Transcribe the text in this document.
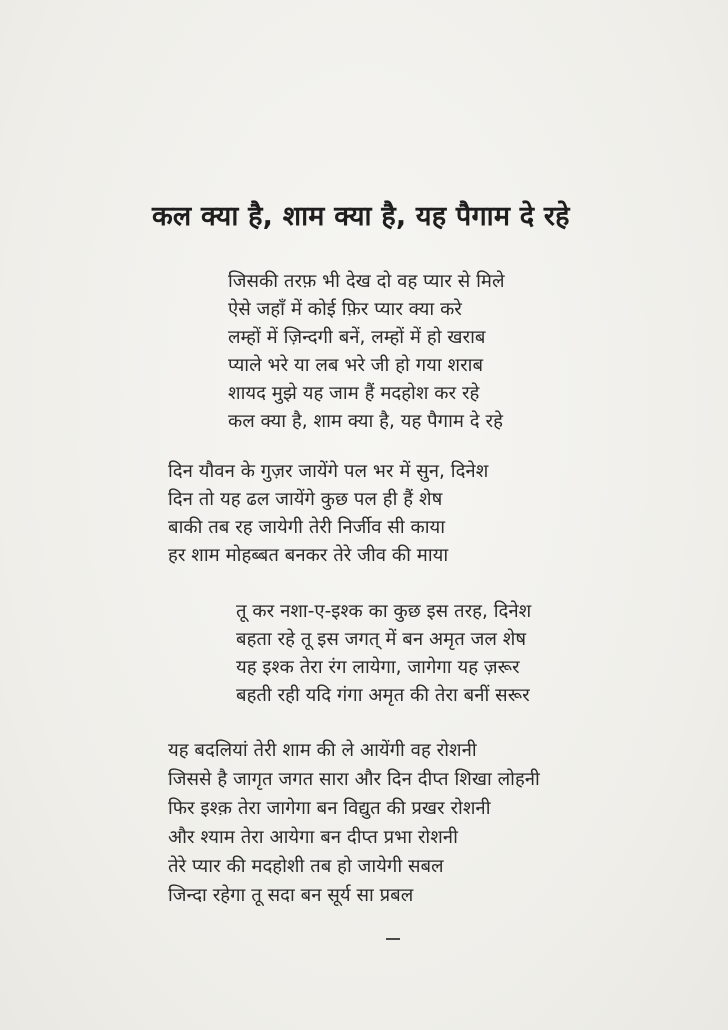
कल क्या है, शाम क्या है, यह पैगाम दे रहे
जिसकी तरफ़ भी देख दो वह प्यार से मिले
ऐसे जहाँ में कोई फ़िर प्यार क्या करे
लम्हों में ज़िन्दगी बनें, लम्हों में हो खराब
प्याले भरे या लब भरे जी हो गया शराब
शायद मुझे यह जाम हैं मदहोश कर रहे
कल क्या है, शाम क्या है, यह पैगाम दे रहे
दिन यौवन के गुज़र जायेंगे पल भर में सुन, दिनेश
दिन तो यह ढल जायेंगे कुछ पल ही हैं शेष
बाकी तब रह जायेगी तेरी निर्जीव सी काया
हर शाम मोहब्बत बनकर तेरे जीव की माया
तू कर नशा-ए-इश्क का कुछ इस तरह, दिनेश
बहता रहे तू इस जगत् में बन अमृत जल शेष
यह इश्क तेरा रंग लायेगा, जागेगा यह ज़रूर
बहती रही यदि गंगा अमृत की तेरा बनीं सरूर
यह बदलियां तेरी शाम की ले आयेंगी वह रोशनी
जिससे है जागृत जगत सारा और दिन दीप्त शिखा लोहनी
फिर इश्क़ तेरा जागेगा बन विद्युत की प्रखर रोशनी
और श्याम तेरा आयेगा बन दीप्त प्रभा रोशनी
तेरे प्यार की मदहोशी तब हो जायेगी सबल
जिन्दा रहेगा तू सदा बन सूर्य सा प्रबल
